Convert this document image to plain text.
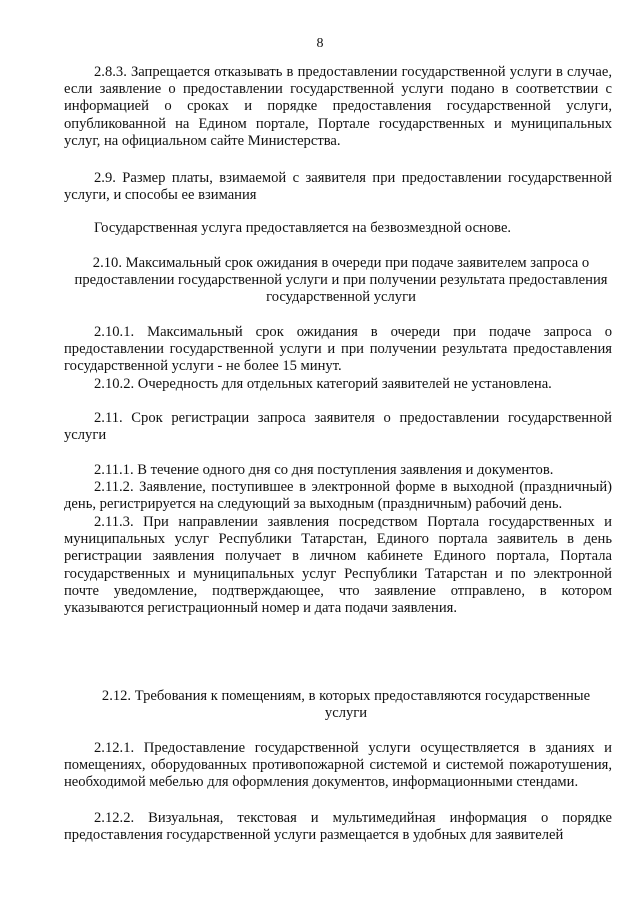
8

2.8.3. Запрещается отказывать в предоставлении государственной услуги в случае, если заявление о предоставлении государственной услуги подано в соответствии с информацией о сроках и порядке предоставления государственной услуги, опубликованной на Едином портале, Портале государственных и муниципальных услуг, на официальном сайте Министерства.

2.9. Размер платы, взимаемой с заявителя при предоставлении государственной услуги, и способы ее взимания

Государственная услуга предоставляется на безвозмездной основе.

2.10. Максимальный срок ожидания в очереди при подаче заявителем запроса о предоставлении государственной услуги и при получении результата предоставления государственной услуги

2.10.1. Максимальный срок ожидания в очереди при подаче запроса о предоставлении государственной услуги и при получении результата предоставления государственной услуги - не более 15 минут.

2.10.2. Очередность для отдельных категорий заявителей не установлена.

2.11. Срок регистрации запроса заявителя о предоставлении государственной услуги

2.11.1. В течение одного дня со дня поступления заявления и документов.

2.11.2. Заявление, поступившее в электронной форме в выходной (праздничный) день, регистрируется на следующий за выходным (праздничным) рабочий день.

2.11.3. При направлении заявления посредством Портала государственных и муниципальных услуг Республики Татарстан, Единого портала заявитель в день регистрации заявления получает в личном кабинете Единого портала, Портала государственных и муниципальных услуг Республики Татарстан и по электронной почте уведомление, подтверждающее, что заявление отправлено, в котором указываются регистрационный номер и дата подачи заявления.

2.12. Требования к помещениям, в которых предоставляются государственные услуги

2.12.1. Предоставление государственной услуги осуществляется в зданиях и помещениях, оборудованных противопожарной системой и системой пожаротушения, необходимой мебелью для оформления документов, информационными стендами.

2.12.2. Визуальная, текстовая и мультимедийная информация о порядке предоставления государственной услуги размещается в удобных для заявителей
